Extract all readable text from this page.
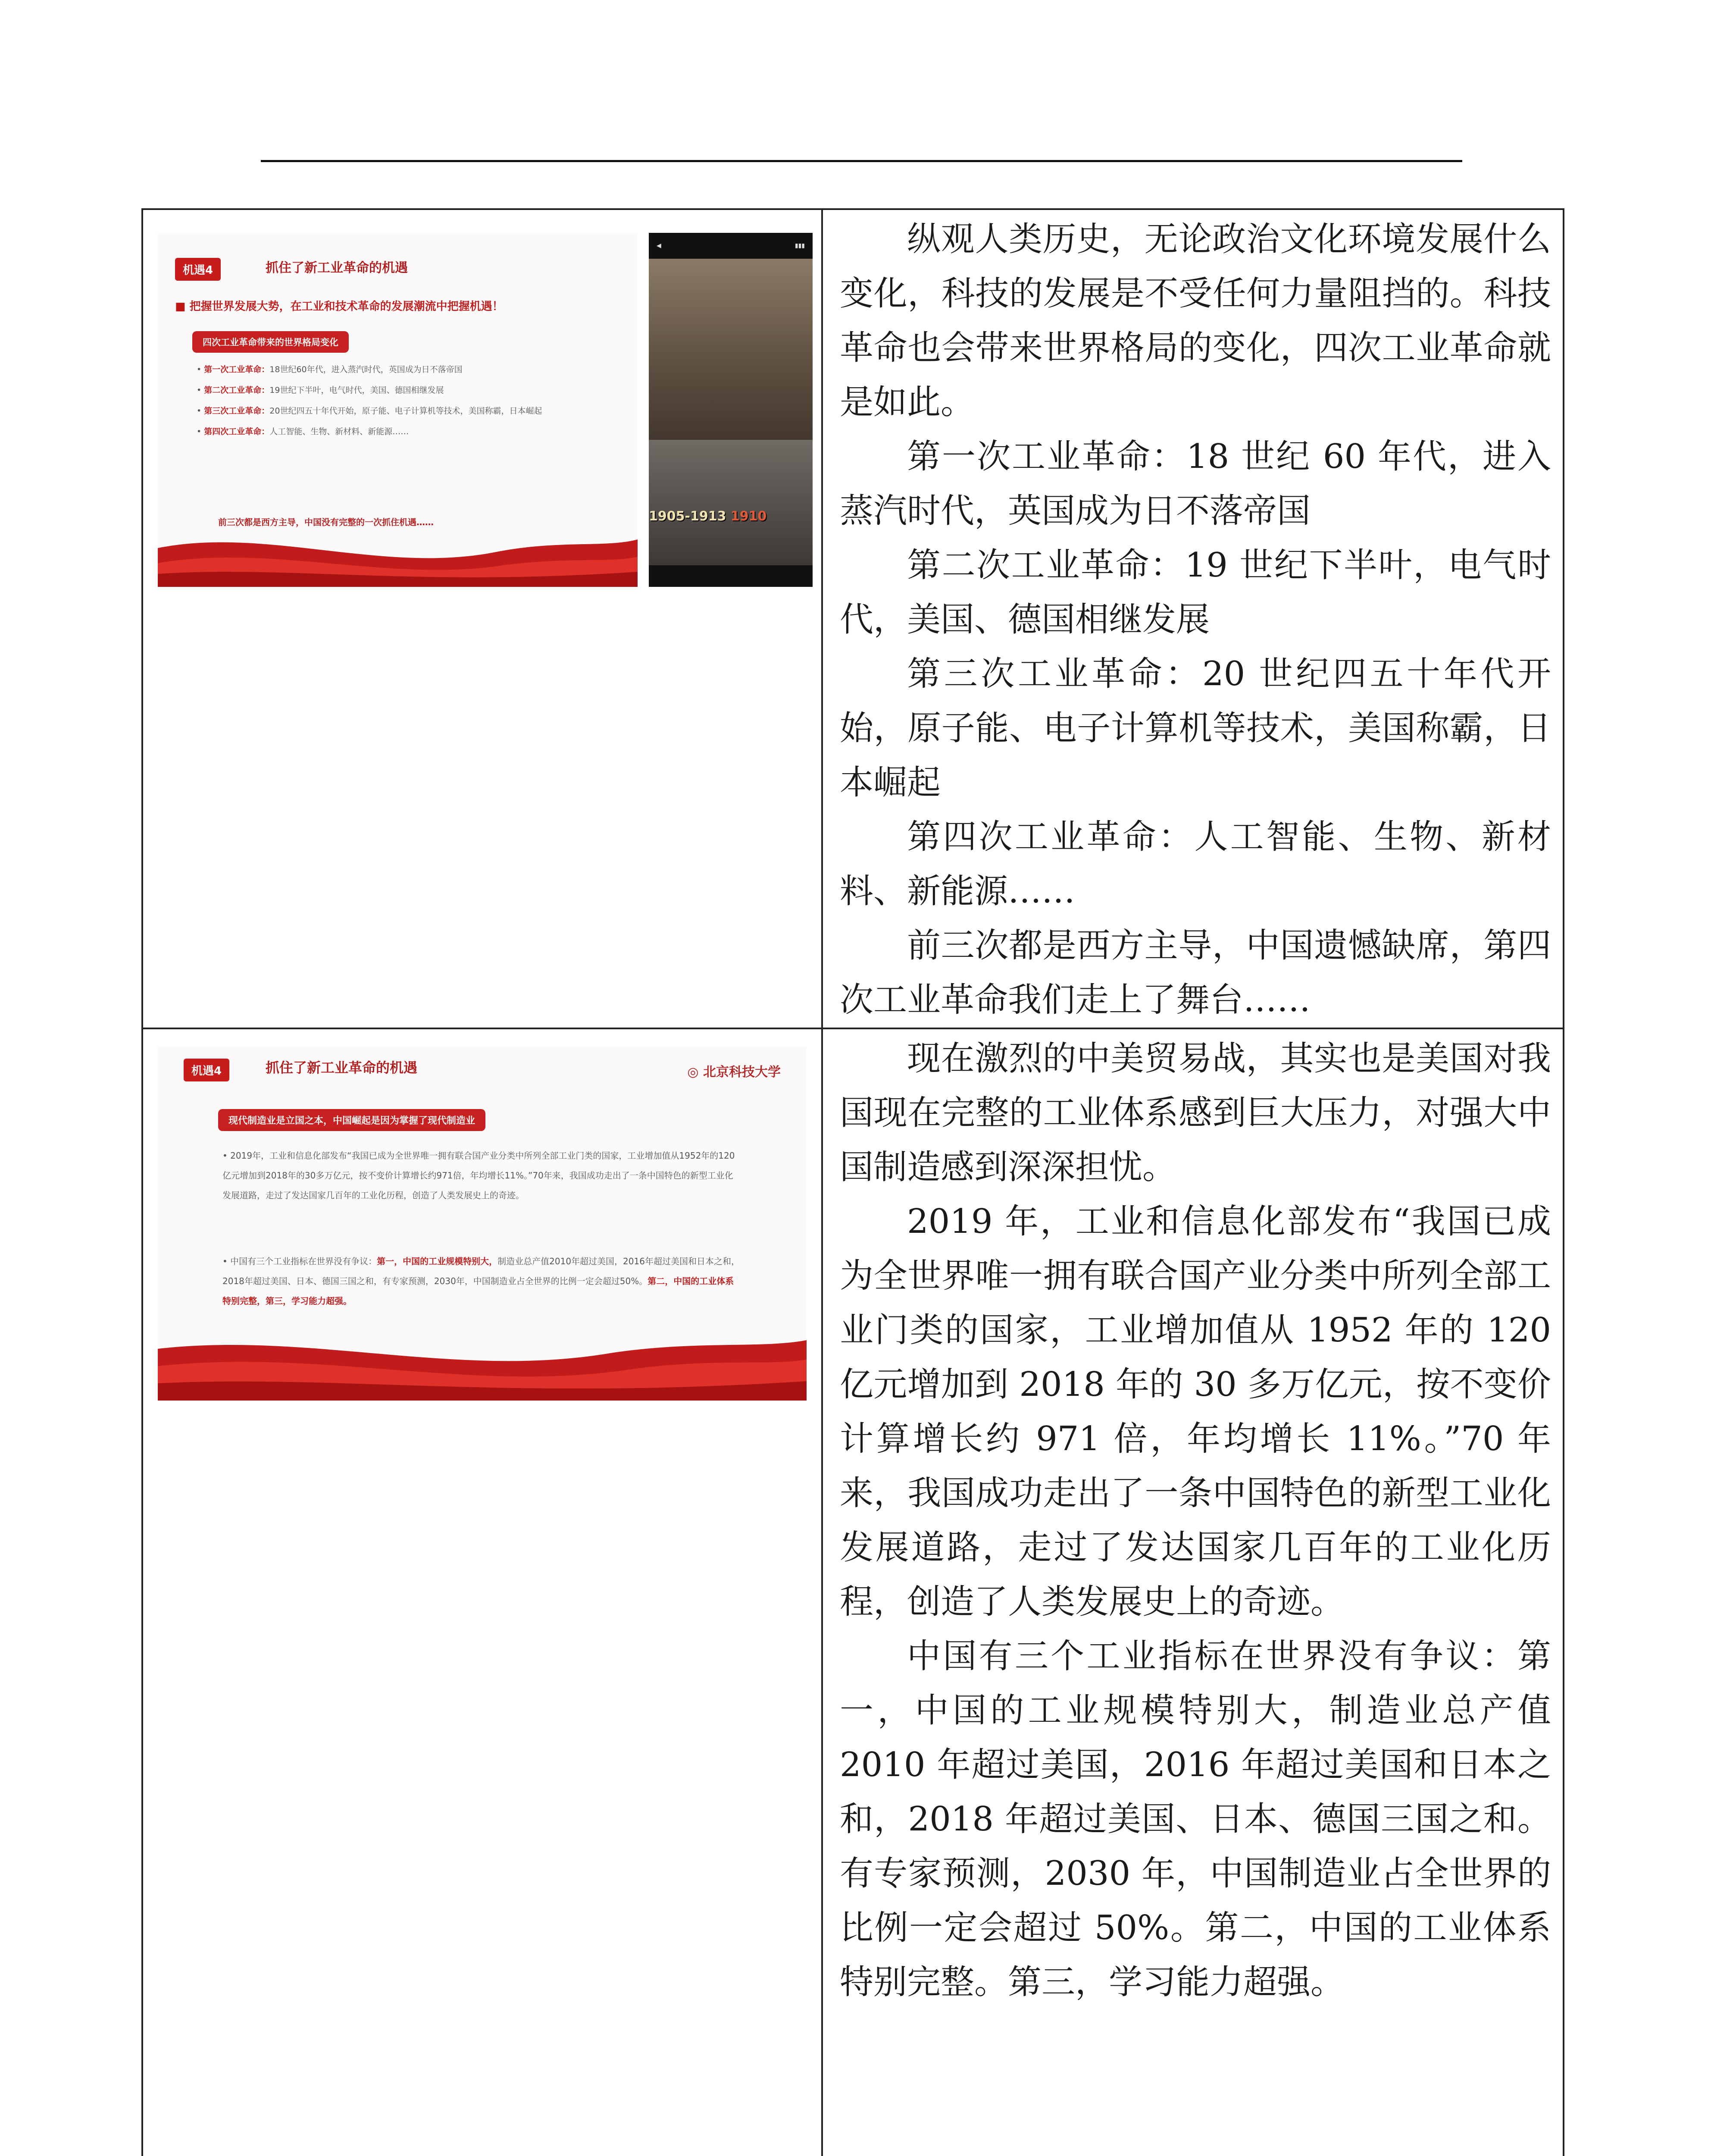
机遇4	抓住了新工业革命的机遇
■ 把握世界发展大势，在工业和技术革命的发展潮流中把握机遇！
四次工业革命带来的世界格局变化
• 第一次工业革命：18世纪60年代，进入蒸汽时代，英国成为日不落帝国
• 第二次工业革命：19世纪下半叶，电气时代，美国、德国相继发展
• 第三次工业革命：20世纪四五十年代开始，原子能、电子计算机等技术，美国称霸，日本崛起
• 第四次工业革命：人工智能、生物、新材料、新能源……
前三次都是西方主导，中国没有完整的一次抓住机遇……
◀	▮▮▮
1905-1913 1910

纵观人类历史，无论政治文化环境发展什么变化，科技的发展是不受任何力量阻挡的。科技革命也会带来世界格局的变化，四次工业革命就是如此。

第一次工业革命：18 世纪 60 年代，进入蒸汽时代，英国成为日不落帝国

第二次工业革命：19 世纪下半叶，电气时代，美国、德国相继发展

第三次工业革命：20 世纪四五十年代开始，原子能、电子计算机等技术，美国称霸，日本崛起

第四次工业革命：人工智能、生物、新材料、新能源……

前三次都是西方主导，中国遗憾缺席，第四次工业革命我们走上了舞台……

机遇4	抓住了新工业革命的机遇	◎ 北京科技大学
现代制造业是立国之本，中国崛起是因为掌握了现代制造业
• 2019年，工业和信息化部发布“我国已成为全世界唯一拥有联合国产业分类中所列全部工业门类的国家，工业增加值从1952年的120亿元增加到2018年的30多万亿元，按不变价计算增长约971倍，年均增长11%。”70年来，我国成功走出了一条中国特色的新型工业化发展道路，走过了发达国家几百年的工业化历程，创造了人类发展史上的奇迹。
• 中国有三个工业指标在世界没有争议：第一，中国的工业规模特别大，制造业总产值2010年超过美国，2016年超过美国和日本之和，2018年超过美国、日本、德国三国之和，有专家预测，2030年，中国制造业占全世界的比例一定会超过50%。第二，中国的工业体系特别完整，第三，学习能力超强。

现在激烈的中美贸易战，其实也是美国对我国现在完整的工业体系感到巨大压力，对强大中国制造感到深深担忧。

2019 年，工业和信息化部发布“我国已成为全世界唯一拥有联合国产业分类中所列全部工业门类的国家，工业增加值从 1952 年的 120 亿元增加到 2018 年的 30 多万亿元，按不变价计算增长约 971 倍，年均增长 11%。”70 年来，我国成功走出了一条中国特色的新型工业化发展道路，走过了发达国家几百年的工业化历程，创造了人类发展史上的奇迹。

中国有三个工业指标在世界没有争议：第一，中国的工业规模特别大，制造业总产值 2010 年超过美国，2016 年超过美国和日本之和，2018 年超过美国、日本、德国三国之和。有专家预测，2030 年，中国制造业占全世界的比例一定会超过 50%。第二，中国的工业体系特别完整。第三，学习能力超强。
